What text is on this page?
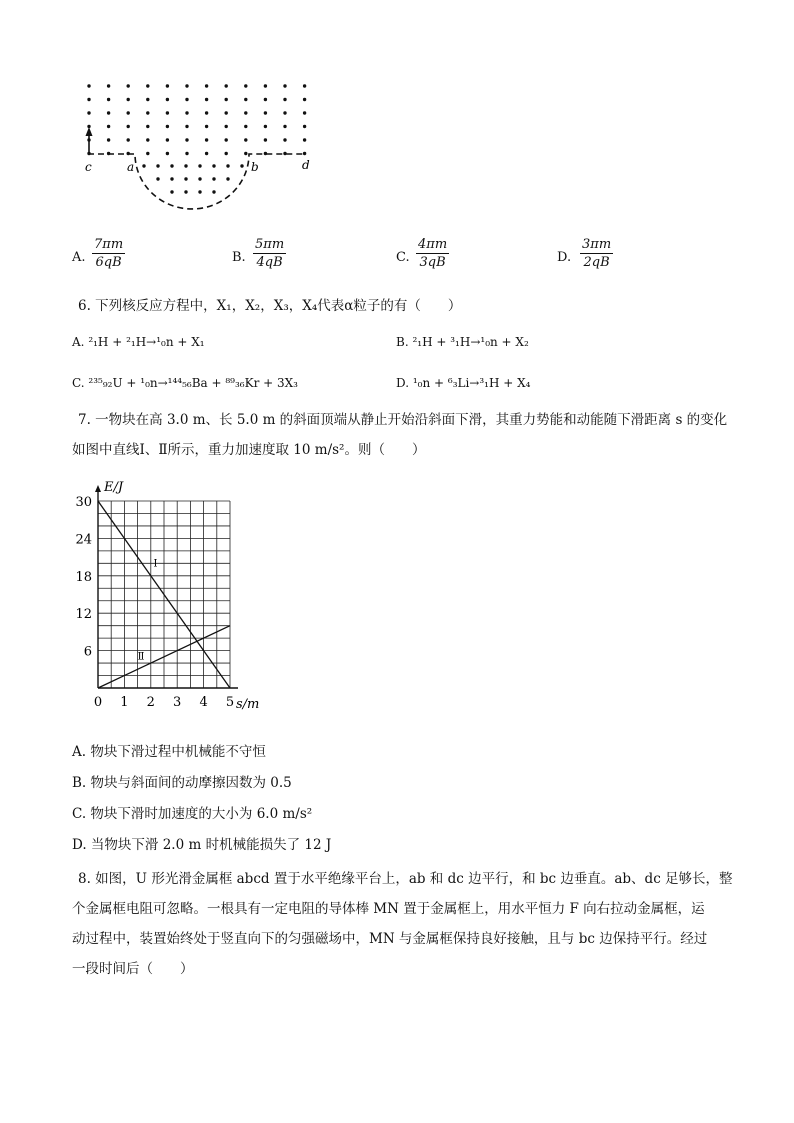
c	a	b	d
A. $\frac{7\pi m}{6qB}$	B. $\frac{5\pi m}{4qB}$	C. $\frac{4\pi m}{3qB}$	D. $\frac{3\pi m}{2qB}$
6. 下列核反应方程中，X₁，X₂，X₃，X₄代表α粒子的有（　　）
A. ²₁H + ²₁H→¹₀n + X₁	B. ²₁H + ³₁H→¹₀n + X₂
C. ²³⁵₉₂U + ¹₀n→¹⁴⁴₅₆Ba + ⁸⁹₃₆Kr + 3X₃	D. ¹₀n + ⁶₃Li→³₁H + X₄
7. 一物块在高 3.0 m、长 5.0 m 的斜面顶端从静止开始沿斜面下滑，其重力势能和动能随下滑距离 s 的变化
如图中直线Ⅰ、Ⅱ所示，重力加速度取 10 m/s²。则（　　）
Ⅰ
Ⅱ
0 1 2 3 4 5
6
12
18
24
30
E/J
s/m
A. 物块下滑过程中机械能不守恒
B. 物块与斜面间的动摩擦因数为 0.5
C. 物块下滑时加速度的大小为 6.0 m/s²
D. 当物块下滑 2.0 m 时机械能损失了 12 J
8. 如图，U 形光滑金属框 abcd 置于水平绝缘平台上，ab 和 dc 边平行，和 bc 边垂直。ab、dc 足够长，整
个金属框电阻可忽略。一根具有一定电阻的导体棒 MN 置于金属框上，用水平恒力 F 向右拉动金属框，运
动过程中，装置始终处于竖直向下的匀强磁场中，MN 与金属框保持良好接触，且与 bc 边保持平行。经过
一段时间后（　　）
